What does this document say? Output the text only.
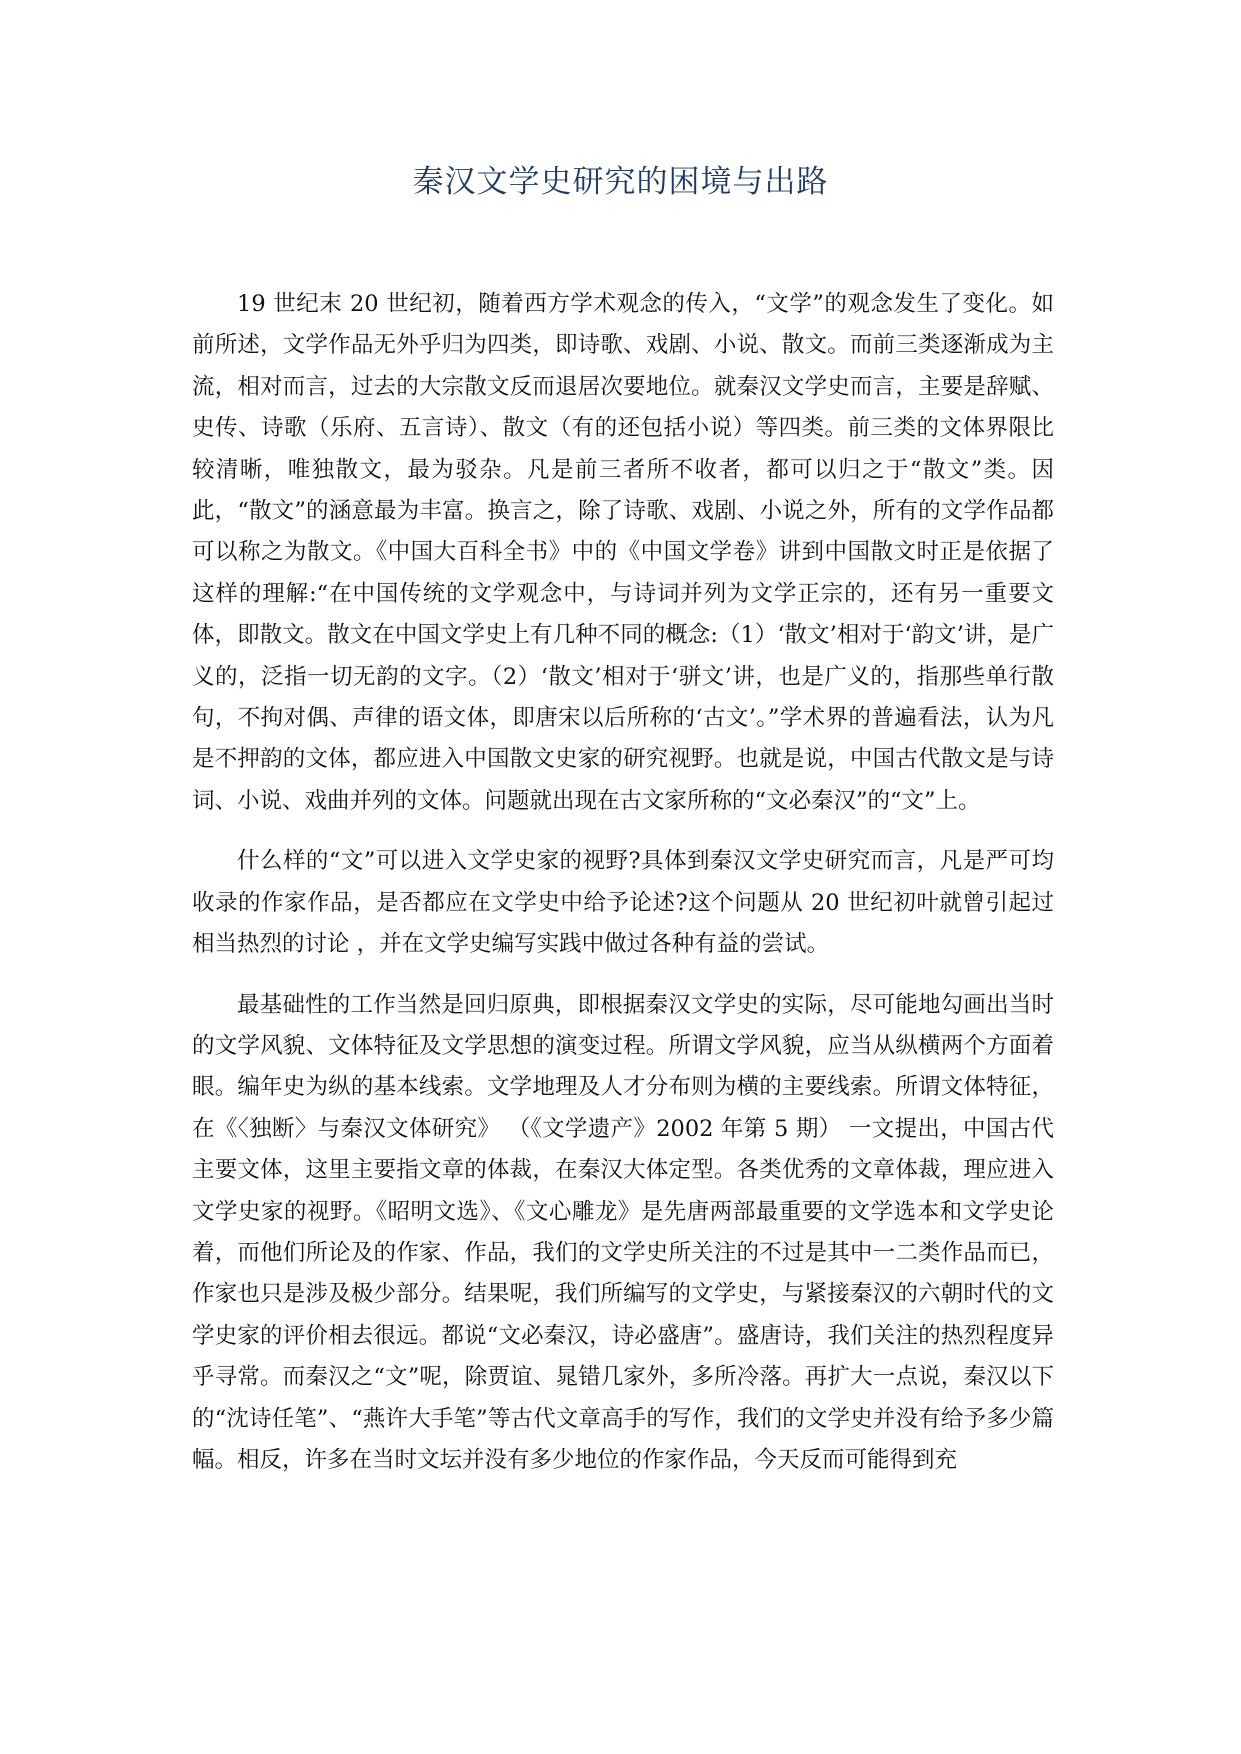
秦汉文学史研究的困境与出路

19 世纪末 20 世纪初，随着西方学术观念的传入，“文学”的观念发生了变化。如前所述，文学作品无外乎归为四类，即诗歌、戏剧、小说、散文。而前三类逐渐成为主流，相对而言，过去的大宗散文反而退居次要地位。就秦汉文学史而言，主要是辞赋、史传、诗歌（乐府、五言诗）、散文（有的还包括小说）等四类。前三类的文体界限比较清晰，唯独散文，最为驳杂。凡是前三者所不收者，都可以归之于“散文”类。因此，“散文”的涵意最为丰富。换言之，除了诗歌、戏剧、小说之外，所有的文学作品都可以称之为散文。《中国大百科全书》中的《中国文学卷》讲到中国散文时正是依据了这样的理解:“在中国传统的文学观念中，与诗词并列为文学正宗的，还有另一重要文体，即散文。散文在中国文学史上有几种不同的概念:（1）‘散文’相对于‘韵文’讲，是广义的，泛指一切无韵的文字。（2）‘散文’相对于‘骈文’讲，也是广义的，指那些单行散句，不拘对偶、声律的语文体，即唐宋以后所称的‘古文’。”学术界的普遍看法，认为凡是不押韵的文体，都应进入中国散文史家的研究视野。也就是说，中国古代散文是与诗词、小说、戏曲并列的文体。问题就出现在古文家所称的“文必秦汉”的“文”上。

什么样的“文”可以进入文学史家的视野?具体到秦汉文学史研究而言，凡是严可均收录的作家作品，是否都应在文学史中给予论述?这个问题从 20 世纪初叶就曾引起过相当热烈的讨论 ，并在文学史编写实践中做过各种有益的尝试。

最基础性的工作当然是回归原典，即根据秦汉文学史的实际，尽可能地勾画出当时的文学风貌、文体特征及文学思想的演变过程。所谓文学风貌，应当从纵横两个方面着眼。编年史为纵的基本线索。文学地理及人才分布则为横的主要线索。所谓文体特征，在《〈独断〉与秦汉文体研究》 （《文学遗产》2002 年第 5 期） 一文提出，中国古代主要文体，这里主要指文章的体裁，在秦汉大体定型。各类优秀的文章体裁，理应进入文学史家的视野。《昭明文选》、《文心雕龙》是先唐两部最重要的文学选本和文学史论着，而他们所论及的作家、作品，我们的文学史所关注的不过是其中一二类作品而已，作家也只是涉及极少部分。结果呢，我们所编写的文学史，与紧接秦汉的六朝时代的文学史家的评价相去很远。都说“文必秦汉，诗必盛唐”。盛唐诗，我们关注的热烈程度异乎寻常。而秦汉之“文”呢，除贾谊、晁错几家外，多所冷落。再扩大一点说，秦汉以下的“沈诗任笔”、“燕许大手笔”等古代文章高手的写作，我们的文学史并没有给予多少篇幅。相反，许多在当时文坛并没有多少地位的作家作品，今天反而可能得到充
